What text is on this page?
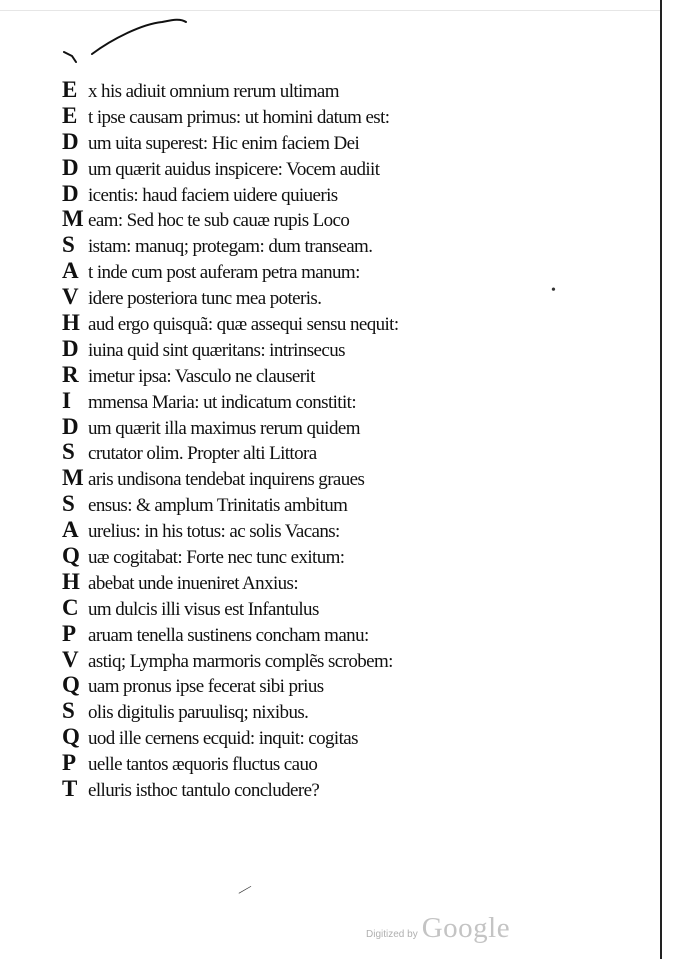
E x his adiuit omnium rerum ultimam
E t ipse causam primus: ut homini datum est:
D um uita superest: Hic enim faciem Dei
D um quærit auidus inspicere: Vocem audiit
D icentis: haud faciem uidere quiueris
M eam: Sed hoc te sub cauæ rupis Loco
S istam: manuq; protegam: dum transeam.
A t inde cum post auferam petra manum:
V idere posteriora tunc mea poteris.
H aud ergo quisquã: quæ assequi sensu nequit:
D iuina quid sint quæritans: intrinsecus
R imetur ipsa: Vasculo ne clauserit
I mmensa Maria: ut indicatum constitit:
D um quærit illa maximus rerum quidem
S crutator olim. Propter alti Littora
M aris undisona tendebat inquirens graues
S ensus: & amplum Trinitatis ambitum
A urelius: in his totus: ac solis Vacans:
Q uæ cogitabat: Forte nec tunc exitum:
H abebat unde inueniret Anxius:
C um dulcis illi visus est Infantulus
P aruam tenella sustinens concham manu:
V astiq; Lympha marmoris complẽs scrobem:
Q uam pronus ipse fecerat sibi prius
S olis digitulis paruulisq; nixibus.
Q uod ille cernens ecquid: inquit: cogitas
P uelle tantos æquoris fluctus cauo
T elluris isthoc tantulo concludere?
•
—
Digitized by Google
